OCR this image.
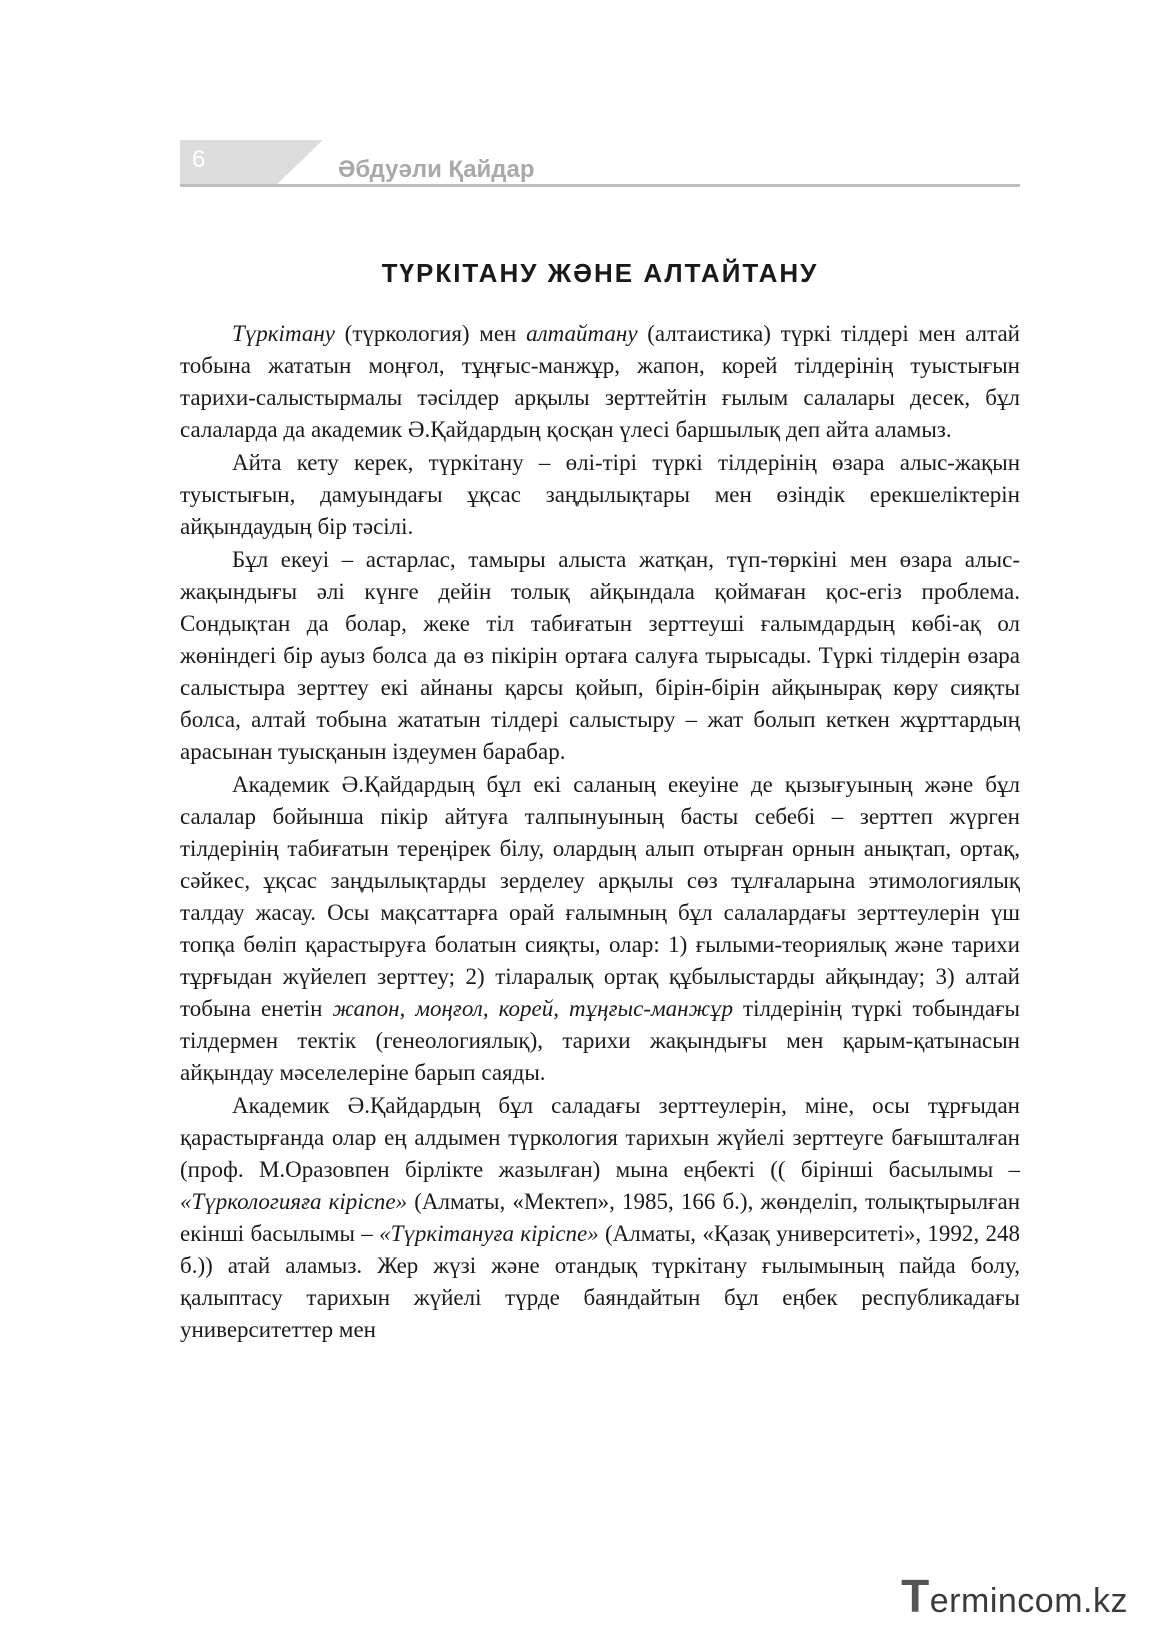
6	Әбдуәли Қайдар
ТҮРКІТАНУ ЖӘНЕ АЛТАЙТАНУ

Түркітану (түркология) мен алтайтану (алтаистика) түркі тілдері мен алтай тобына жататын моңғол, тұңғыс-манжұр, жапон, корей тілдерінің туыстығын тарихи-салыстырмалы тәсілдер арқылы зерттейтін ғылым салалары десек, бұл салаларда да академик Ә.Қайдардың қосқан үлесі баршылық деп айта аламыз.

Айта кету керек, түркітану – өлі-тірі түркі тілдерінің өзара алыс-жақын туыстығын, дамуындағы ұқсас заңдылықтары мен өзіндік ерекшеліктерін айқындаудың бір тәсілі.

Бұл екеуі – астарлас, тамыры алыста жатқан, түп-төркіні мен өзара алыс-жақындығы әлі күнге дейін толық айқындала қоймаған қос-егіз проблема. Сондықтан да болар, жеке тіл табиғатын зерттеуші ғалымдардың көбі-ақ ол жөніндегі бір ауыз болса да өз пікірін ортаға салуға тырысады. Түркі тілдерін өзара салыстыра зерттеу екі айнаны қарсы қойып, бірін-бірін айқынырақ көру сияқты болса, алтай тобына жататын тілдері салыстыру – жат болып кеткен жұрттардың арасынан туысқанын іздеумен барабар.

Академик Ә.Қайдардың бұл екі саланың екеуіне де қызығуының және бұл салалар бойынша пікір айтуға талпынуының басты себебі – зерттеп жүрген тілдерінің табиғатын тереңірек білу, олардың алып отырған орнын анықтап, ортақ, сәйкес, ұқсас заңдылықтарды зерделеу арқылы сөз тұлғаларына этимологиялық талдау жасау. Осы мақсаттарға орай ғалымның бұл салалардағы зерттеулерін үш топқа бөліп қарастыруға болатын сияқты, олар: 1) ғылыми-теориялық және тарихи тұрғыдан жүйелеп зерттеу; 2) тіларалық ортақ құбылыстарды айқындау; 3) алтай тобына енетін жапон, моңғол, корей, тұңғыс-манжұр тілдерінің түркі тобындағы тілдермен тектік (генеологиялық), тарихи жақындығы мен қарым-қатынасын айқындау мәселелеріне барып саяды.

Академик Ә.Қайдардың бұл саладағы зерттеулерін, міне, осы тұрғыдан қарастырғанда олар ең алдымен түркология тарихын жүйелі зерттеуге бағышталған (проф. М.Оразовпен бірлікте жазылған) мына еңбекті (( бірінші басылымы – «Түркологияға кіріспе» (Алматы, «Мектеп», 1985, 166 б.), жөнделіп, толықтырылған екінші басылымы – «Түркітануға кіріспе» (Алматы, «Қазақ университеті», 1992, 248 б.)) атай аламыз. Жер жүзі және отандық түркітану ғылымының пайда болу, қалыптасу тарихын жүйелі түрде баяндайтын бұл еңбек республикадағы университеттер мен

Termincom.kz
